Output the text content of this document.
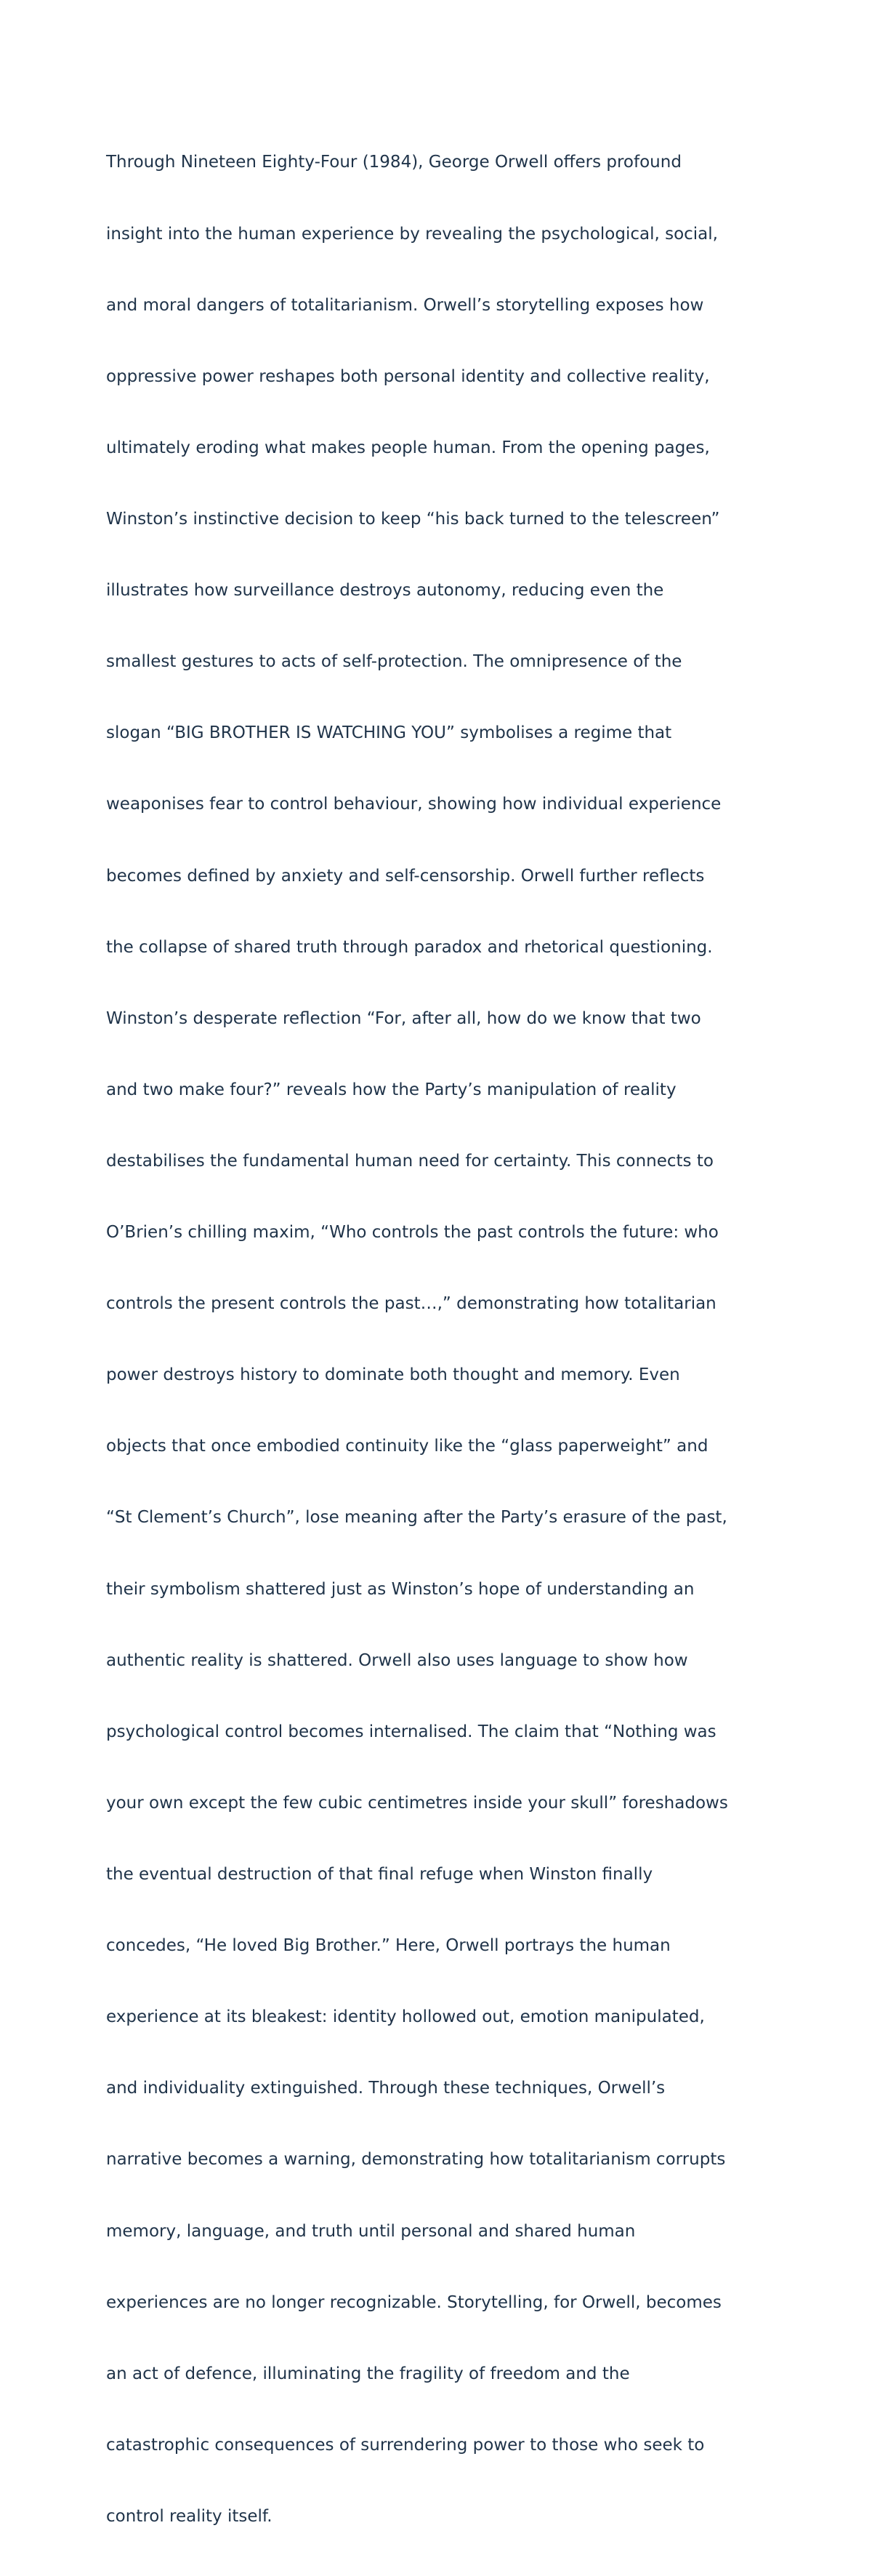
Through Nineteen Eighty-Four (1984), George Orwell offers profound

insight into the human experience by revealing the psychological, social,

and moral dangers of totalitarianism. Orwell’s storytelling exposes how

oppressive power reshapes both personal identity and collective reality,

ultimately eroding what makes people human. From the opening pages,

Winston’s instinctive decision to keep “his back turned to the telescreen”

illustrates how surveillance destroys autonomy, reducing even the

smallest gestures to acts of self-protection. The omnipresence of the

slogan “BIG BROTHER IS WATCHING YOU” symbolises a regime that

weaponises fear to control behaviour, showing how individual experience

becomes defined by anxiety and self-censorship. Orwell further reflects

the collapse of shared truth through paradox and rhetorical questioning.

Winston’s desperate reflection “For, after all, how do we know that two

and two make four?” reveals how the Party’s manipulation of reality

destabilises the fundamental human need for certainty. This connects to

O’Brien’s chilling maxim, “Who controls the past controls the future: who

controls the present controls the past…,” demonstrating how totalitarian

power destroys history to dominate both thought and memory. Even

objects that once embodied continuity like the “glass paperweight” and

“St Clement’s Church”, lose meaning after the Party’s erasure of the past,

their symbolism shattered just as Winston’s hope of understanding an

authentic reality is shattered. Orwell also uses language to show how

psychological control becomes internalised. The claim that “Nothing was

your own except the few cubic centimetres inside your skull” foreshadows

the eventual destruction of that final refuge when Winston finally

concedes, “He loved Big Brother.” Here, Orwell portrays the human

experience at its bleakest: identity hollowed out, emotion manipulated,

and individuality extinguished. Through these techniques, Orwell’s

narrative becomes a warning, demonstrating how totalitarianism corrupts

memory, language, and truth until personal and shared human

experiences are no longer recognizable. Storytelling, for Orwell, becomes

an act of defence, illuminating the fragility of freedom and the

catastrophic consequences of surrendering power to those who seek to

control reality itself.
